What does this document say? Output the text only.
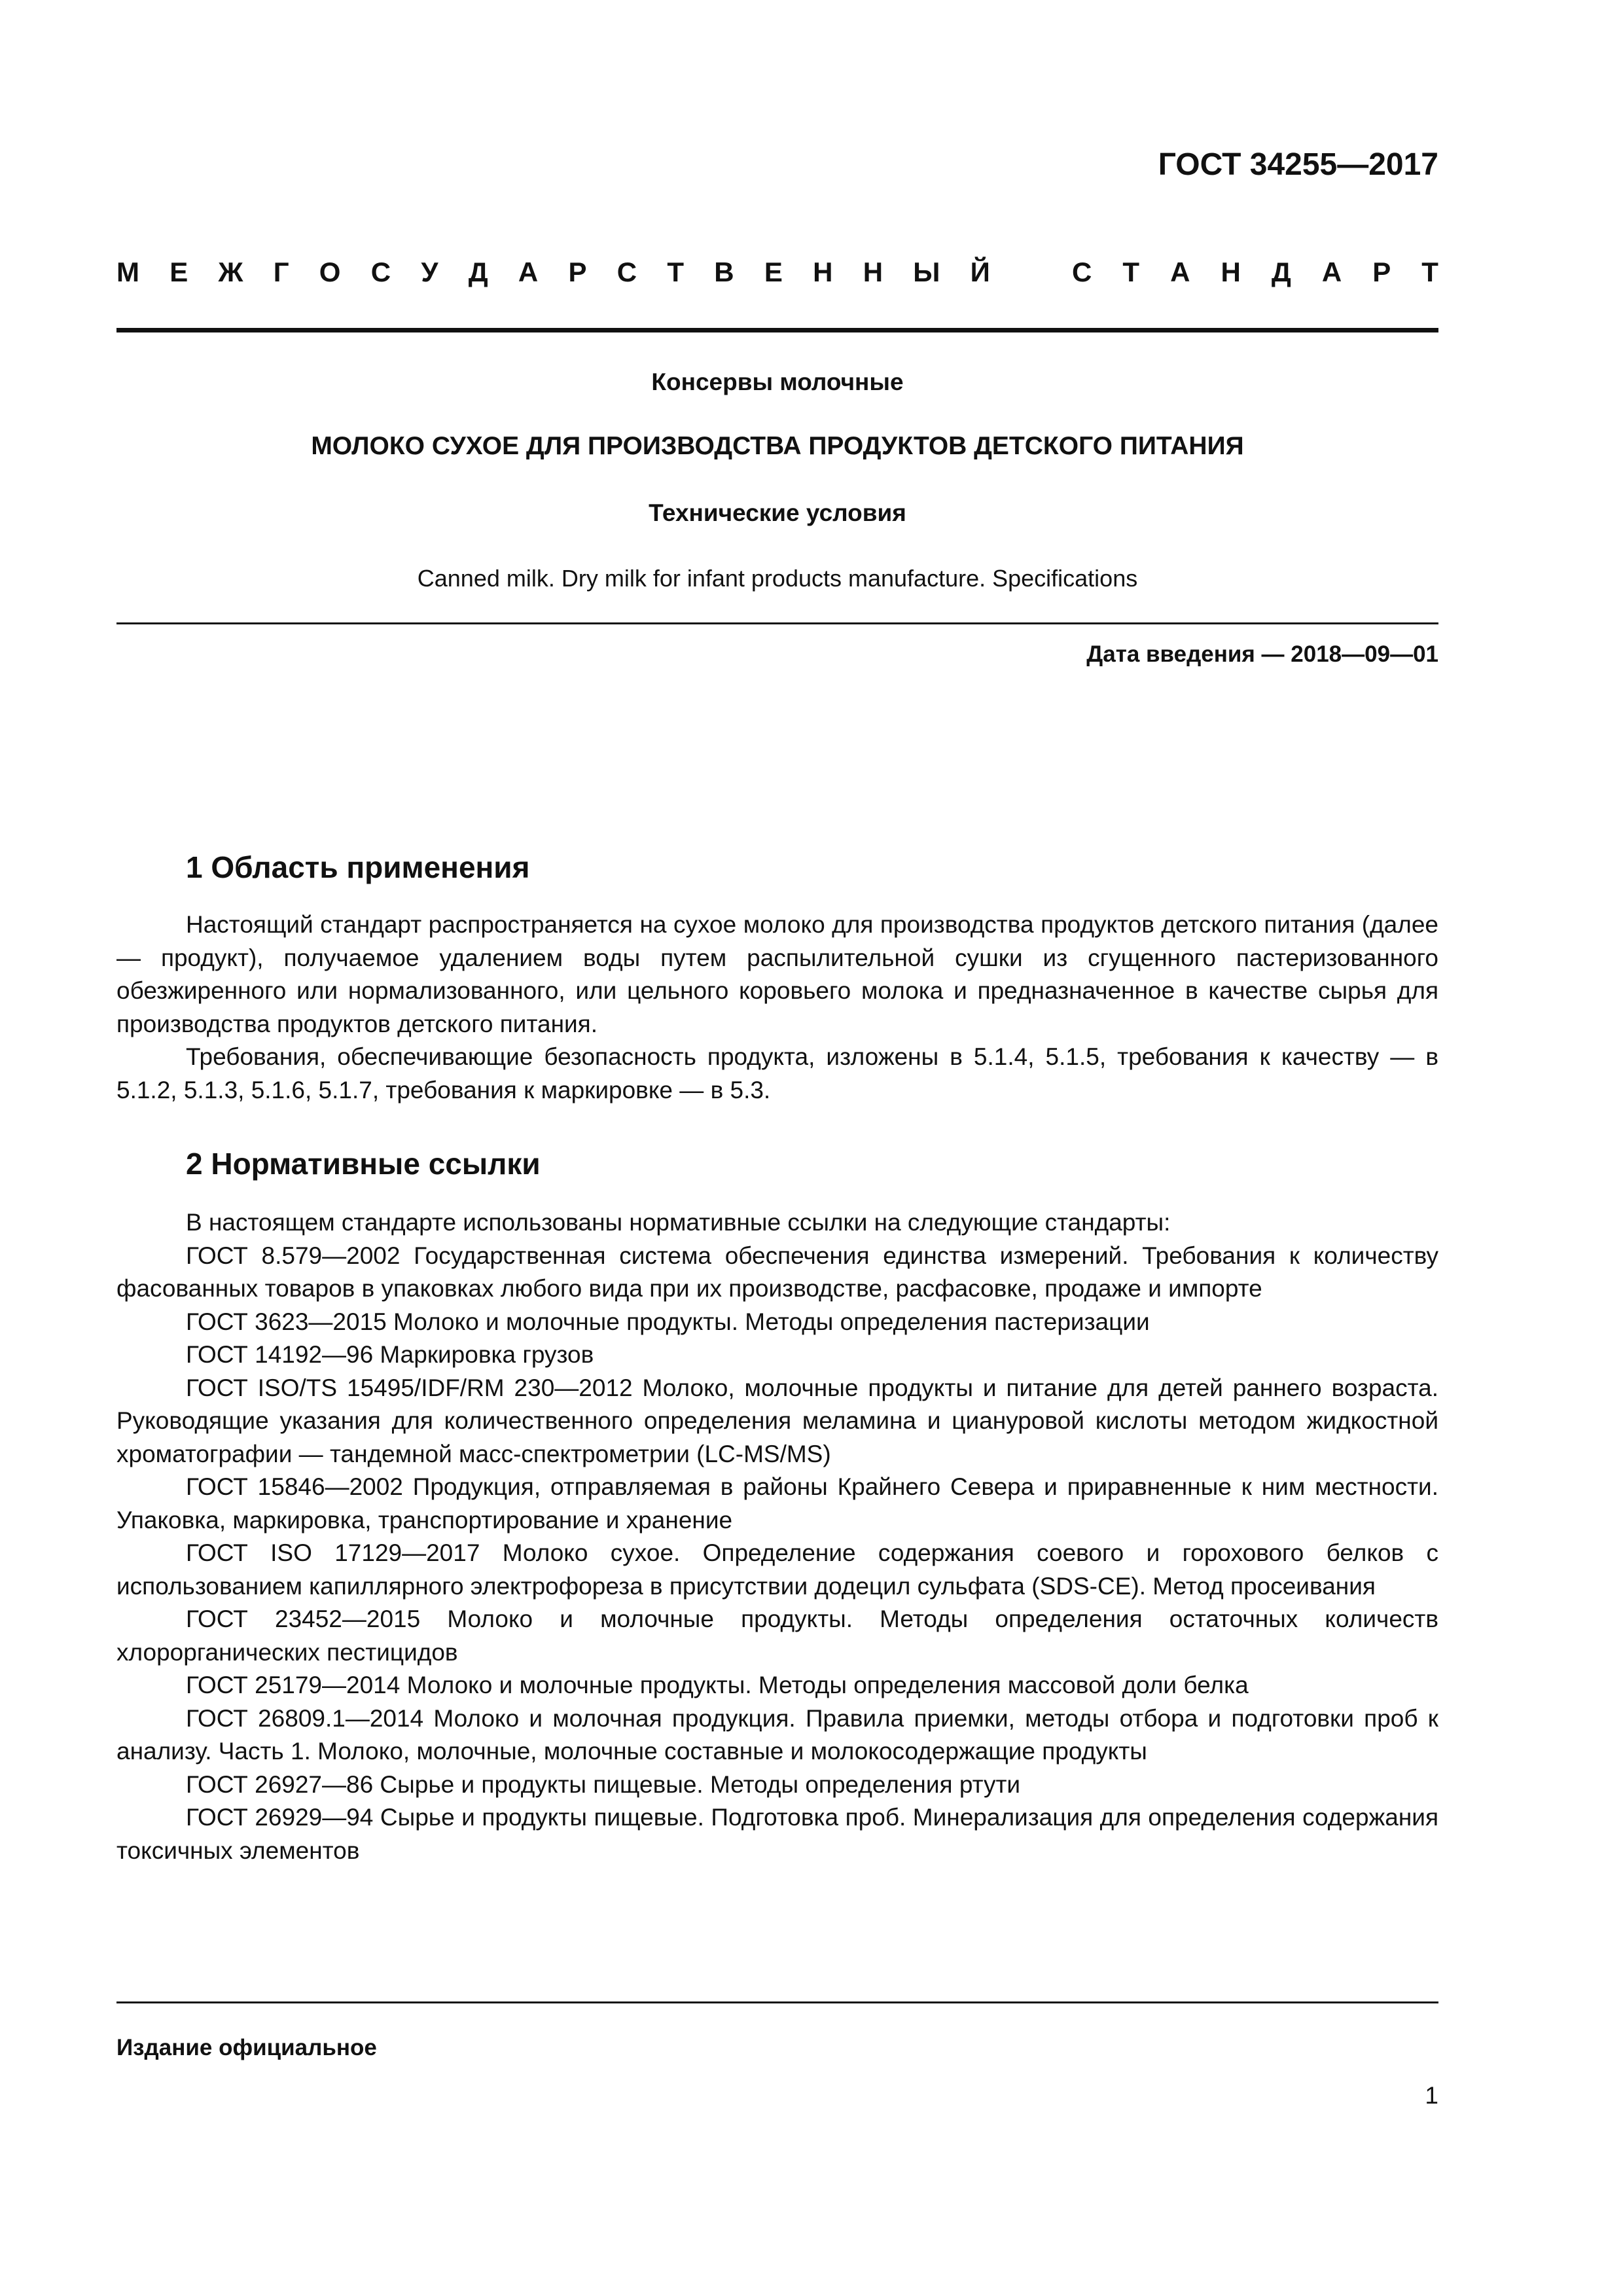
ГОСТ 34255—2017
М Е Ж Г О С У Д А Р С Т В Е Н Н Ы Й	С Т А Н Д А Р Т
Консервы молочные
МОЛОКО СУХОЕ ДЛЯ ПРОИЗВОДСТВА ПРОДУКТОВ ДЕТСКОГО ПИТАНИЯ
Технические условия
Canned milk. Dry milk for infant products manufacture. Specifications
Дата введения — 2018—09—01
1 Область применения

Настоящий стандарт распространяется на сухое молоко для производства продуктов детского питания (далее — продукт), получаемое удалением воды путем распылительной сушки из сгущенного пастеризованного обезжиренного или нормализованного, или цельного коровьего молока и предназначенное в качестве сырья для производства продуктов детского питания.

Требования, обеспечивающие безопасность продукта, изложены в 5.1.4, 5.1.5, требования к качеству — в 5.1.2, 5.1.3, 5.1.6, 5.1.7, требования к маркировке — в 5.3.

2 Нормативные ссылки

В настоящем стандарте использованы нормативные ссылки на следующие стандарты:

ГОСТ 8.579—2002 Государственная система обеспечения единства измерений. Требования к количеству фасованных товаров в упаковках любого вида при их производстве, расфасовке, продаже и импорте

ГОСТ 3623—2015 Молоко и молочные продукты. Методы определения пастеризации

ГОСТ 14192—96 Маркировка грузов

ГОСТ ISO/TS 15495/IDF/RM 230—2012 Молоко, молочные продукты и питание для детей раннего возраста. Руководящие указания для количественного определения меламина и циануровой кислоты методом жидкостной хроматографии — тандемной масс-спектрометрии (LC-MS/MS)

ГОСТ 15846—2002 Продукция, отправляемая в районы Крайнего Севера и приравненные к ним местности. Упаковка, маркировка, транспортирование и хранение

ГОСТ ISO 17129—2017 Молоко сухое. Определение содержания соевого и горохового белков с использованием капиллярного электрофореза в присутствии додецил сульфата (SDS-CE). Метод просеивания

ГОСТ 23452—2015 Молоко и молочные продукты. Методы определения остаточных количеств хлорорганических пестицидов

ГОСТ 25179—2014 Молоко и молочные продукты. Методы определения массовой доли белка

ГОСТ 26809.1—2014 Молоко и молочная продукция. Правила приемки, методы отбора и подготовки проб к анализу. Часть 1. Молоко, молочные, молочные составные и молокосодержащие продукты

ГОСТ 26927—86 Сырье и продукты пищевые. Методы определения ртути

ГОСТ 26929—94 Сырье и продукты пищевые. Подготовка проб. Минерализация для определения содержания токсичных элементов

Издание официальное
1
